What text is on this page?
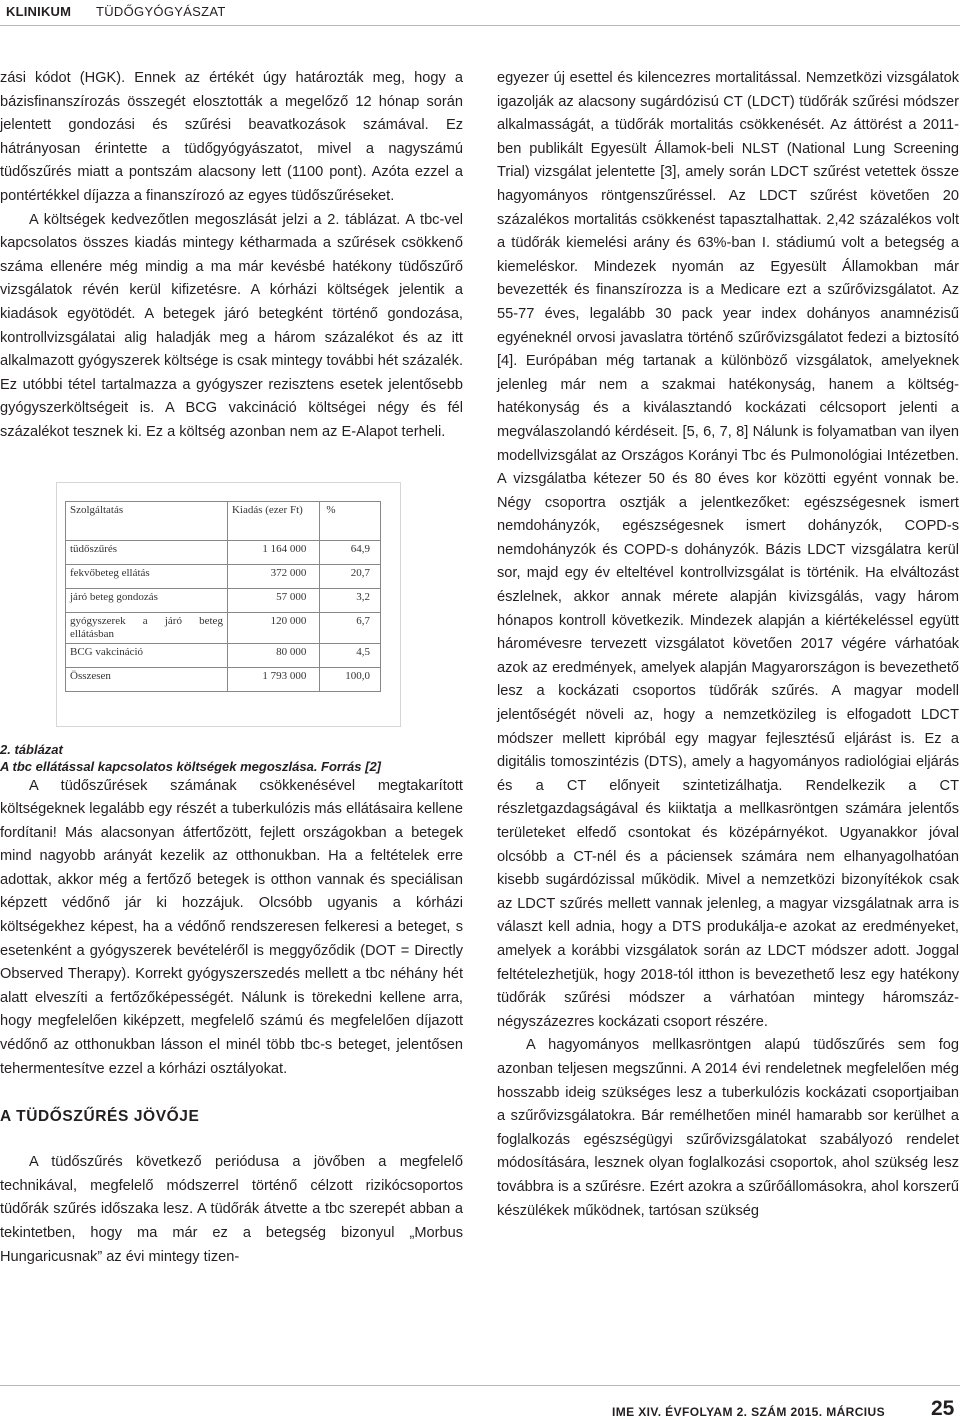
KLINIKUM TÜDŐGYÓGYÁSZAT

zási kódot (HGK). Ennek az értékét úgy határozták meg, hogy a bázisfinanszírozás összegét elosztották a megelőző 12 hónap során jelentett gondozási és szűrési beavatkozások számával. Ez hátrányosan érintette a tüdőgyógyászatot, mivel a nagyszámú tüdőszűrés miatt a pontszám alacsony lett (1100 pont). Azóta ezzel a pontértékkel díjazza a finanszírozó az egyes tüdőszűréseket.

A költségek kedvezőtlen megoszlását jelzi a 2. táblázat. A tbc-vel kapcsolatos összes kiadás mintegy kétharmada a szűrések csökkenő száma ellenére még mindig a ma már kevésbé hatékony tüdőszűrő vizsgálatok révén kerül kifizetésre. A kórházi költségek jelentik a kiadások egyötödét. A betegek járó betegként történő gondozása, kontrollvizsgálatai alig haladják meg a három százalékot és az itt alkalmazott gyógyszerek költsége is csak mintegy további hét százalék. Ez utóbbi tétel tartalmazza a gyógyszer rezisztens esetek jelentősebb gyógyszerköltségeit is. A BCG vakcináció költségei négy és fél százalékot tesznek ki. Ez a költség azonban nem az E-Alapot terheli.

Szolgáltatás	Kiadás (ezer Ft)	%
tüdőszűrés	1 164 000	64,9
fekvőbeteg ellátás	372 000	20,7
járó beteg gondozás	57 000	3,2
gyógyszerek a járó beteg ellátásban	120 000	6,7
BCG vakcináció	80 000	4,5
Összesen	1 793 000	100,0
2. táblázat
A tbc ellátással kapcsolatos költségek megoszlása. Forrás [2]

A tüdőszűrések számának csökkenésével megtakarított költségeknek legalább egy részét a tuberkulózis más ellátásaira kellene fordítani! Más alacsonyan átfertőzött, fejlett országokban a betegek mind nagyobb arányát kezelik az otthonukban. Ha a feltételek erre adottak, akkor még a fertőző betegek is otthon vannak és speciálisan képzett védőnő jár ki hozzájuk. Olcsóbb ugyanis a kórházi költségekhez képest, ha a védőnő rendszeresen felkeresi a beteget, s esetenként a gyógyszerek bevételéről is meggyőződik (DOT = Directly Observed Therapy). Korrekt gyógyszerszedés mellett a tbc néhány hét alatt elveszíti a fertőzőképességét. Nálunk is törekedni kellene arra, hogy megfelelően kiképzett, megfelelő számú és megfelelően díjazott védőnő az otthonukban lásson el minél több tbc-s beteget, jelentősen tehermentesítve ezzel a kórházi osztályokat.

A TÜDŐSZŰRÉS JÖVŐJE

A tüdőszűrés következő periódusa a jövőben a megfelelő technikával, megfelelő módszerrel történő célzott rizikócsoportos tüdőrák szűrés időszaka lesz. A tüdőrák átvette a tbc szerepét abban a tekintetben, hogy ma már ez a betegség bizonyul „Morbus Hungaricusnak” az évi mintegy tizen-

egyezer új esettel és kilencezres mortalitással. Nemzetközi vizsgálatok igazolják az alacsony sugárdózisú CT (LDCT) tüdőrák szűrési módszer alkalmasságát, a tüdőrák mortalitás csökkenését. Az áttörést a 2011-ben publikált Egyesült Államok-beli NLST (National Lung Screening Trial) vizsgálat jelentette [3], amely során LDCT szűrést vetettek össze hagyományos röntgenszűréssel. Az LDCT szűrést követően 20 százalékos mortalitás csökkenést tapasztalhattak. 2,42 százalékos volt a tüdőrák kiemelési arány és 63%-ban I. stádiumú volt a betegség a kiemeléskor. Mindezek nyomán az Egyesült Államokban már bevezették és finanszírozza is a Medicare ezt a szűrővizsgálatot. Az 55-77 éves, legalább 30 pack year index dohányos anamnézisű egyéneknél orvosi javaslatra történő szűrővizsgálatot fedezi a biztosító [4]. Európában még tartanak a különböző vizsgálatok, amelyeknek jelenleg már nem a szakmai hatékonyság, hanem a költség-hatékonyság és a kiválasztandó kockázati célcsoport jelenti a megválaszolandó kérdéseit. [5, 6, 7, 8] Nálunk is folyamatban van ilyen modellvizsgálat az Országos Korányi Tbc és Pulmonológiai Intézetben. A vizsgálatba kétezer 50 és 80 éves kor közötti egyént vonnak be. Négy csoportra osztják a jelentkezőket: egészségesnek ismert nemdohányzók, egészségesnek ismert dohányzók, COPD-s nemdohányzók és COPD-s dohányzók. Bázis LDCT vizsgálatra kerül sor, majd egy év elteltével kontrollvizsgálat is történik. Ha elváltozást észlelnek, akkor annak mérete alapján kivizsgálás, vagy három hónapos kontroll következik. Mindezek alapján a kiértékeléssel együtt háromévesre tervezett vizsgálatot követően 2017 végére várhatóak azok az eredmények, amelyek alapján Magyarországon is bevezethető lesz a kockázati csoportos tüdőrák szűrés. A magyar modell jelentőségét növeli az, hogy a nemzetközileg is elfogadott LDCT módszer mellett kipróbál egy magyar fejlesztésű eljárást is. Ez a digitális tomoszintézis (DTS), amely a hagyományos radiológiai eljárás és a CT előnyeit szintetizálhatja. Rendelkezik a CT részletgazdagságával és kiiktatja a mellkasröntgen számára jelentős területeket elfedő csontokat és középárnyékot. Ugyanakkor jóval olcsóbb a CT-nél és a páciensek számára nem elhanyagolhatóan kisebb sugárdózissal működik. Mivel a nemzetközi bizonyítékok csak az LDCT szűrés mellett vannak jelenleg, a magyar vizsgálatnak arra is választ kell adnia, hogy a DTS produkálja-e azokat az eredményeket, amelyek a korábbi vizsgálatok során az LDCT módszer adott. Joggal feltételezhetjük, hogy 2018-tól itthon is bevezethető lesz egy hatékony tüdőrák szűrési módszer a várhatóan mintegy háromszáz-négyszázezres kockázati csoport részére.

A hagyományos mellkasröntgen alapú tüdőszűrés sem fog azonban teljesen megszűnni. A 2014 évi rendeletnek megfelelően még hosszabb ideig szükséges lesz a tuberkulózis kockázati csoportjaiban a szűrővizsgálatokra. Bár remélhetően minél hamarabb sor kerülhet a foglalkozás egészségügyi szűrővizsgálatokat szabályozó rendelet módosítására, lesznek olyan foglalkozási csoportok, ahol szükség lesz továbbra is a szűrésre. Ezért azokra a szűrőállomásokra, ahol korszerű készülékek működnek, tartósan szükség

IME XIV. ÉVFOLYAM 2. SZÁM 2015. MÁRCIUS 25
